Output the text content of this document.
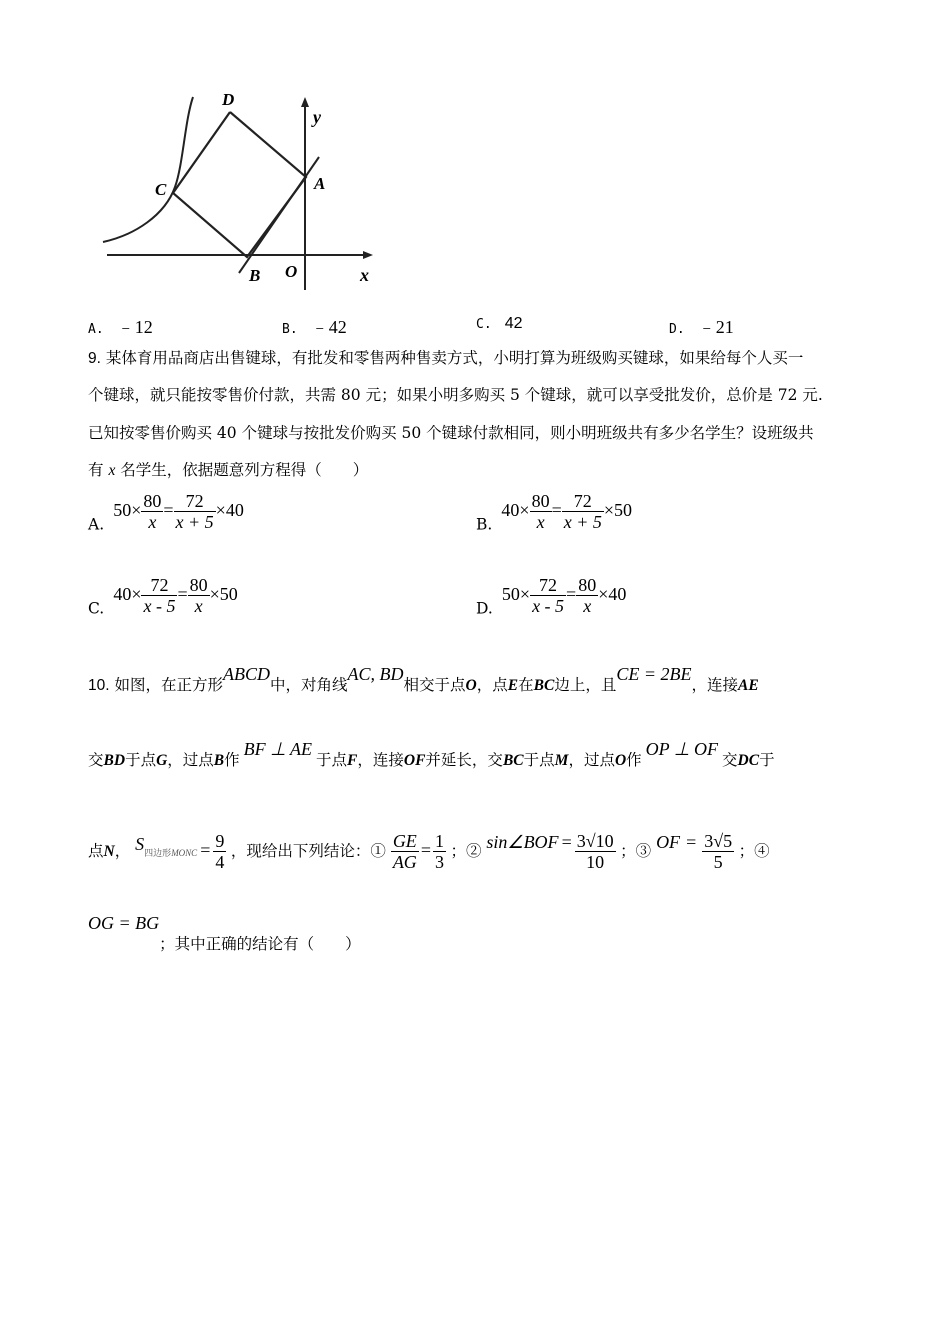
D
C	A
B O	x
y
A. ﹣12	B. ﹣42	C. 42	D. ﹣21
9. 某体育用品商店出售键球，有批发和零售两种售卖方式，小明打算为班级购买键球，如果给每个人买一
个键球，就只能按零售价付款，共需 80 元；如果小明多购买 5 个键球，就可以享受批发价，总价是 72 元.
已知按零售价购买 40 个键球与按批发价购买 50 个键球付款相同，则小明班级共有多少名学生？设班级共
有 x 名学生，依据题意列方程得（　　）
A. $50\times \frac{80}{x} = \frac{72}{x + 5} \times 40$
B. $40\times \frac{80}{x} = \frac{72}{x + 5} \times 50$
C. $40\times \frac{72}{x - 5} = \frac{80}{x} \times 50$
D. $50\times \frac{72}{x - 5} = \frac{80}{x} \times 40$
10. 如图，在正方形ABCD中，对角线AC, BD相交于点O，点E在BC边上，且CE = 2BE，连接AE
交BD于点G，过点B作BF ⊥ AE于点F，连接OF并延长，交BC于点M，过点O作OP ⊥ OF交DC于
点N， S四边形MONC = $\frac{9}{4}$ ，现给出下列结论：① $\frac{GE}{AG} = \frac{1}{3}$ ；② sin∠BOF = $\frac{3√10}{10}$ ；③ OF = $\frac{3√5}{5}$ ；④
OG = BG；其中正确的结论有（　　）
